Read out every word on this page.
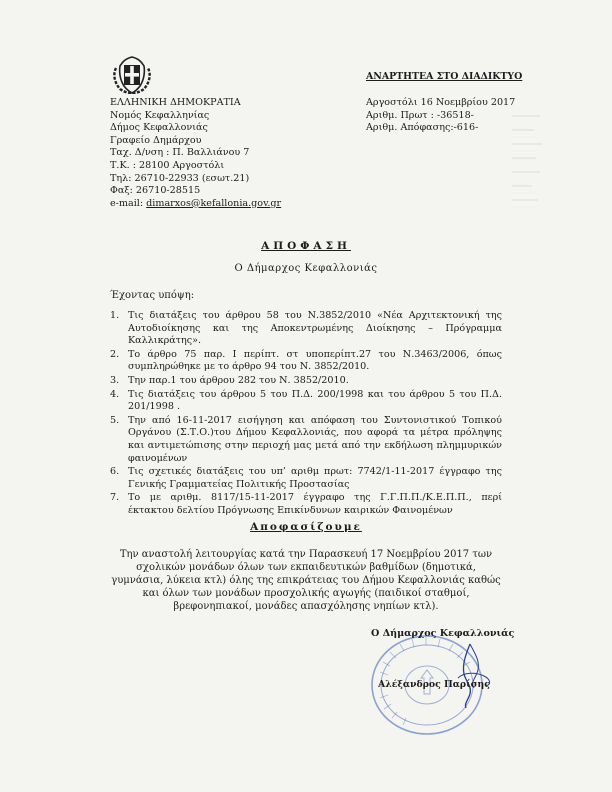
ΑΝΑΡΤΗΤΕΑ ΣΤΟ ΔΙΑΔΙΚΤΥΟ
ΕΛΛΗΝΙΚΗ ΔΗΜΟΚΡΑΤΙΑ
Νομός Κεφαλληνίας
Δήμος Κεφαλλονιάς
Γραφείο Δημάρχου
Ταχ. Δ/νση : Π. Βαλλιάνου 7
Τ.Κ. : 28100 Αργοστόλι
Τηλ: 26710-22933 (εσωτ.21)
Φαξ: 26710-28515
e-mail: dimarxos@kefallonia.gov.gr
Αργοστόλι 16 Νοεμβρίου 2017
Αριθμ. Πρωτ : -36518-
Αριθμ. Απόφασης:-616-
ΑΠΟΦΑΣΗ
Ο Δήμαρχος Κεφαλλονιάς
Έχοντας υπόψη:
1. Τις διατάξεις του άρθρου 58 του Ν.3852/2010 «Νέα Αρχιτεκτονική της Αυτοδιοίκησης και της Αποκεντρωμένης Διοίκησης – Πρόγραμμα Καλλικράτης».
2. Το άρθρο 75 παρ. Ι περίπτ. στ υποπερίπτ.27 του Ν.3463/2006, όπως συμπληρώθηκε με το άρθρο 94 του Ν. 3852/2010.
3. Την παρ.1 του άρθρου 282 του Ν. 3852/2010.
4. Τις διατάξεις του άρθρου 5 του Π.Δ. 200/1998 και του άρθρου 5 του Π.Δ. 201/1998 .
5. Την από 16-11-2017 εισήγηση και απόφαση του Συντονιστικού Τοπικού Οργάνου (Σ.Τ.Ο.)του Δήμου Κεφαλλονιάς, που αφορά τα μέτρα πρόληψης και αντιμετώπισης στην περιοχή μας μετά από την εκδήλωση πλημμυρικών φαινομένων
6. Τις σχετικές διατάξεις του υπ’ αριθμ πρωτ: 7742/1-11-2017 έγγραφο της Γενικής Γραμματείας Πολιτικής Προστασίας
7. Το με αριθμ. 8117/15-11-2017 έγγραφο της Γ.Γ.Π.Π./Κ.Ε.Π.Π., περί έκτακτου δελτίου Πρόγνωσης Επικίνδυνων καιρικών Φαινομένων
Αποφασίζουμε
Την αναστολή λειτουργίας κατά την Παρασκευή 17 Νοεμβρίου 2017 των σχολικών μονάδων όλων των εκπαιδευτικών βαθμίδων (δημοτικά, γυμνάσια, λύκεια κτλ) όλης της επικράτειας του Δήμου Κεφαλλονιάς καθώς και όλων των μονάδων προσχολικής αγωγής (παιδικοί σταθμοί, βρεφονηπιακοί, μονάδες απασχόλησης νηπίων κτλ).
Ο Δήμαρχος Κεφαλλονιάς
Αλέξανδρος Παρίσης
